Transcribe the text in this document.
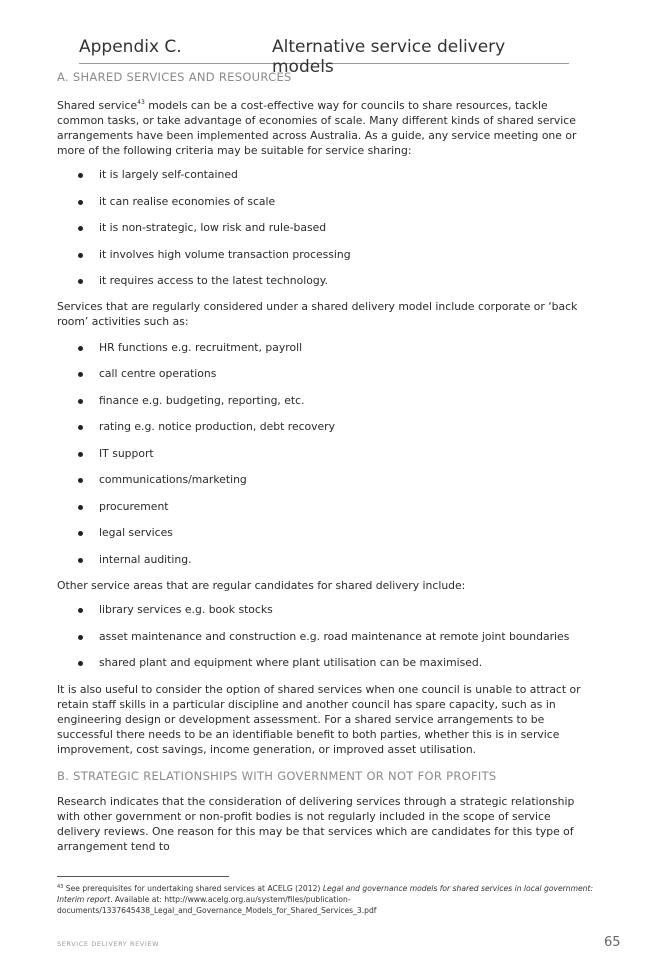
Appendix C.	Alternative service delivery models
A. SHARED SERVICES AND RESOURCES

Shared service$^{43}$ models can be a cost-effective way for councils to share resources, tackle common tasks, or take advantage of economies of scale. Many different kinds of shared service arrangements have been implemented across Australia. As a guide, any service meeting one or more of the following criteria may be suitable for service sharing:

it is largely self-contained
it can realise economies of scale
it is non-strategic, low risk and rule-based
it involves high volume transaction processing
it requires access to the latest technology.

Services that are regularly considered under a shared delivery model include corporate or ‘back room’ activities such as:

HR functions e.g. recruitment, payroll
call centre operations
finance e.g. budgeting, reporting, etc.
rating e.g. notice production, debt recovery
IT support
communications/marketing
procurement
legal services
internal auditing.

Other service areas that are regular candidates for shared delivery include:

library services e.g. book stocks
asset maintenance and construction e.g. road maintenance at remote joint boundaries
shared plant and equipment where plant utilisation can be maximised.

It is also useful to consider the option of shared services when one council is unable to attract or retain staff skills in a particular discipline and another council has spare capacity, such as in engineering design or development assessment. For a shared service arrangements to be successful there needs to be an identifiable benefit to both parties, whether this is in service improvement, cost savings, income generation, or improved asset utilisation.

B. STRATEGIC RELATIONSHIPS WITH GOVERNMENT OR NOT FOR PROFITS

Research indicates that the consideration of delivering services through a strategic relationship with other government or non-profit bodies is not regularly included in the scope of service delivery reviews. One reason for this may be that services which are candidates for this type of arrangement tend to

$^{43}$ See prerequisites for undertaking shared services at ACELG (2012) Legal and governance models for shared services in local government: Interim report. Available at: http://www.acelg.org.au/system/files/publication-documents/1337645438_Legal_and_Governance_Models_for_Shared_Services_3.pdf

SERVICE DELIVERY REVIEW	65
